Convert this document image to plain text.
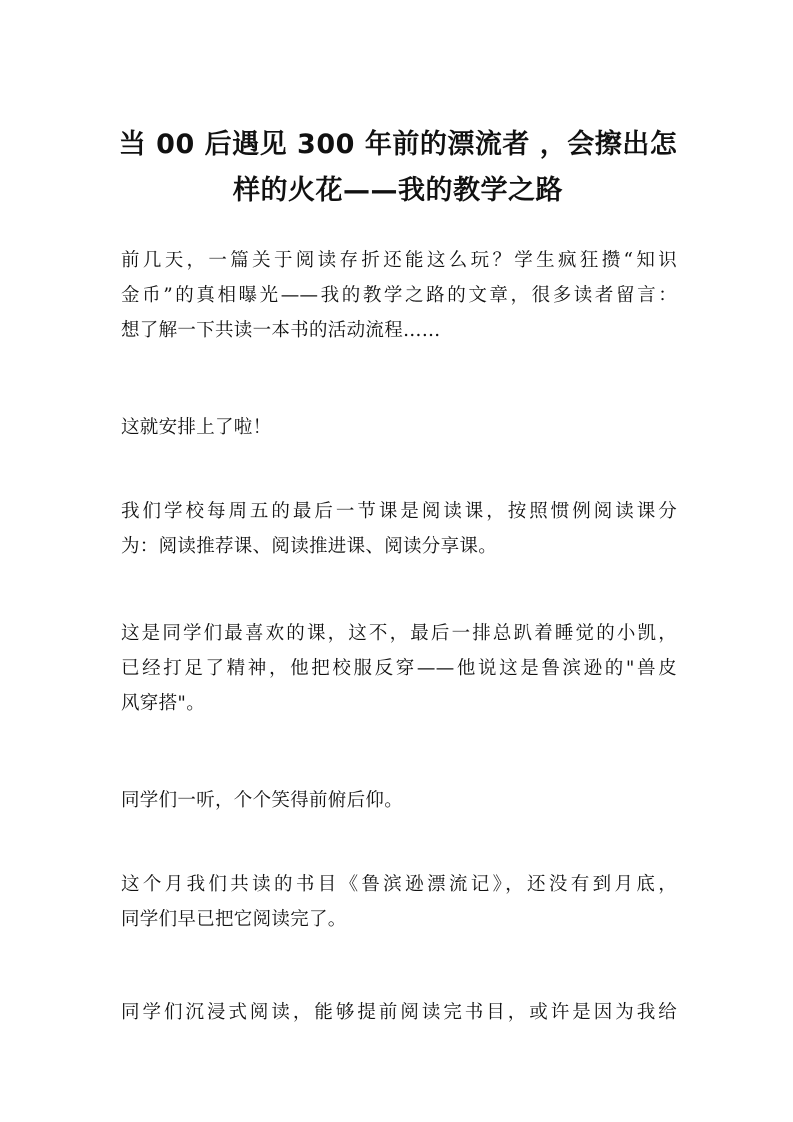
当 00 后遇见 300 年前的漂流者 ，会擦出怎
样的火花——我的教学之路
前几天，一篇关于阅读存折还能这么玩？学生疯狂攒“知识
金币”的真相曝光——我的教学之路的文章，很多读者留言：
想了解一下共读一本书的活动流程……
这就安排上了啦！
我们学校每周五的最后一节课是阅读课，按照惯例阅读课分
为：阅读推荐课、阅读推进课、阅读分享课。
这是同学们最喜欢的课，这不，最后一排总趴着睡觉的小凯，
已经打足了精神，他把校服反穿——他说这是鲁滨逊的"兽皮
风穿搭"。
同学们一听，个个笑得前俯后仰。
这个月我们共读的书目《鲁滨逊漂流记》，还没有到月底，
同学们早已把它阅读完了。
同学们沉浸式阅读，能够提前阅读完书目，或许是因为我给
